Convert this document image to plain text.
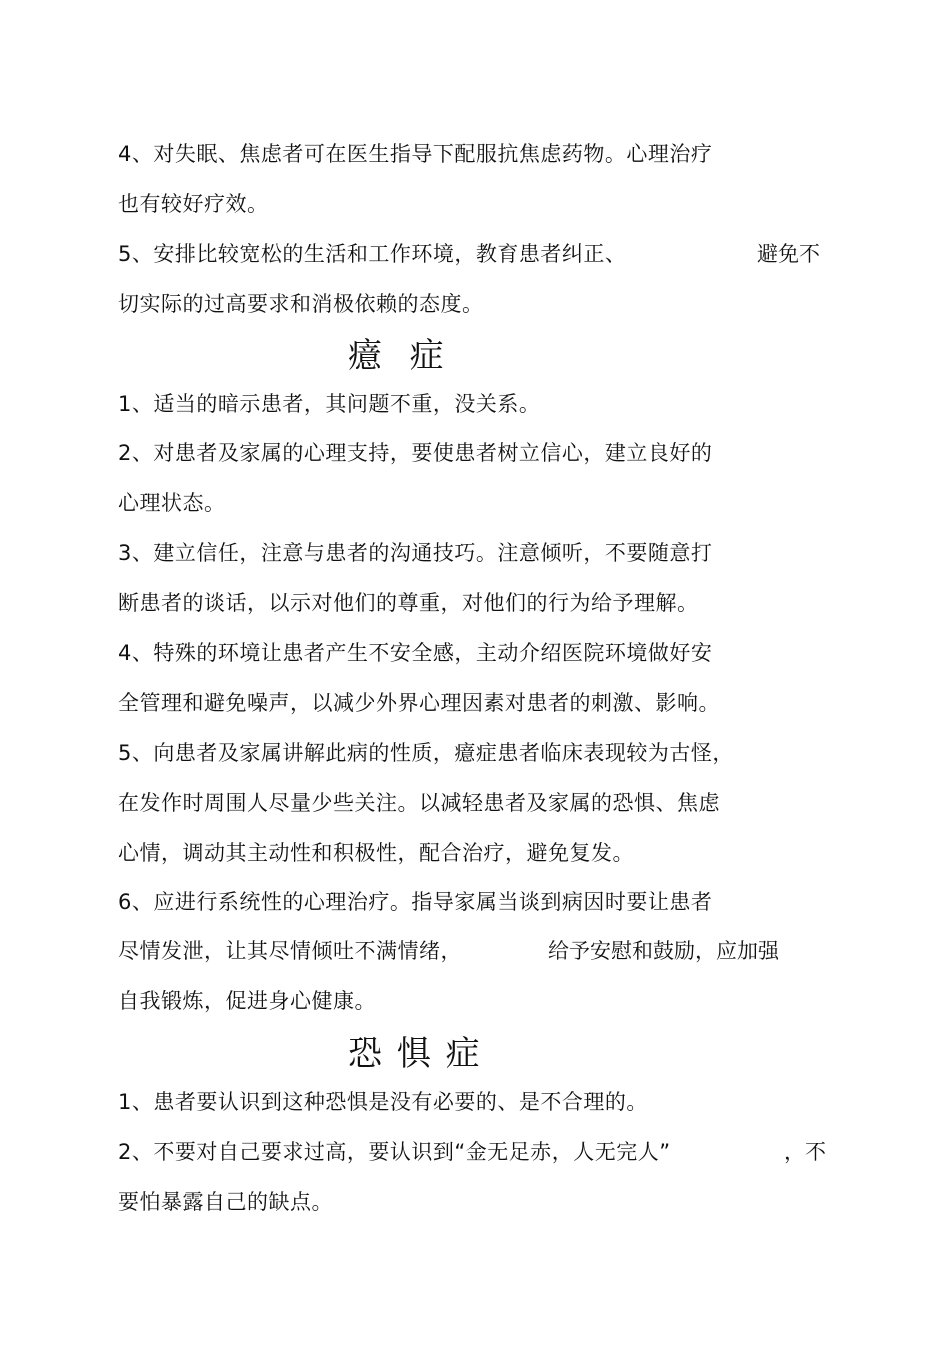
4、对失眠、焦虑者可在医生指导下配服抗焦虑药物。心理治疗
也有较好疗效。
5、安排比较宽松的生活和工作环境，教育患者纠正、	避免不
切实际的过高要求和消极依赖的态度。
癔  症
1、适当的暗示患者，其问题不重，没关系。
2、对患者及家属的心理支持，要使患者树立信心，建立良好的
心理状态。
3、建立信任，注意与患者的沟通技巧。注意倾听，不要随意打
断患者的谈话，以示对他们的尊重，对他们的行为给予理解。
4、特殊的环境让患者产生不安全感，主动介绍医院环境做好安
全管理和避免噪声，以减少外界心理因素对患者的刺激、影响。
5、向患者及家属讲解此病的性质，癔症患者临床表现较为古怪，
在发作时周围人尽量少些关注。以减轻患者及家属的恐惧、焦虑
心情，调动其主动性和积极性，配合治疗，避免复发。
6、应进行系统性的心理治疗。指导家属当谈到病因时要让患者
尽情发泄，让其尽情倾吐不满情绪，	给予安慰和鼓励，应加强
自我锻炼，促进身心健康。
恐 惧 症
1、患者要认识到这种恐惧是没有必要的、是不合理的。
2、不要对自己要求过高，要认识到“金无足赤，人无完人”	，不
要怕暴露自己的缺点。
